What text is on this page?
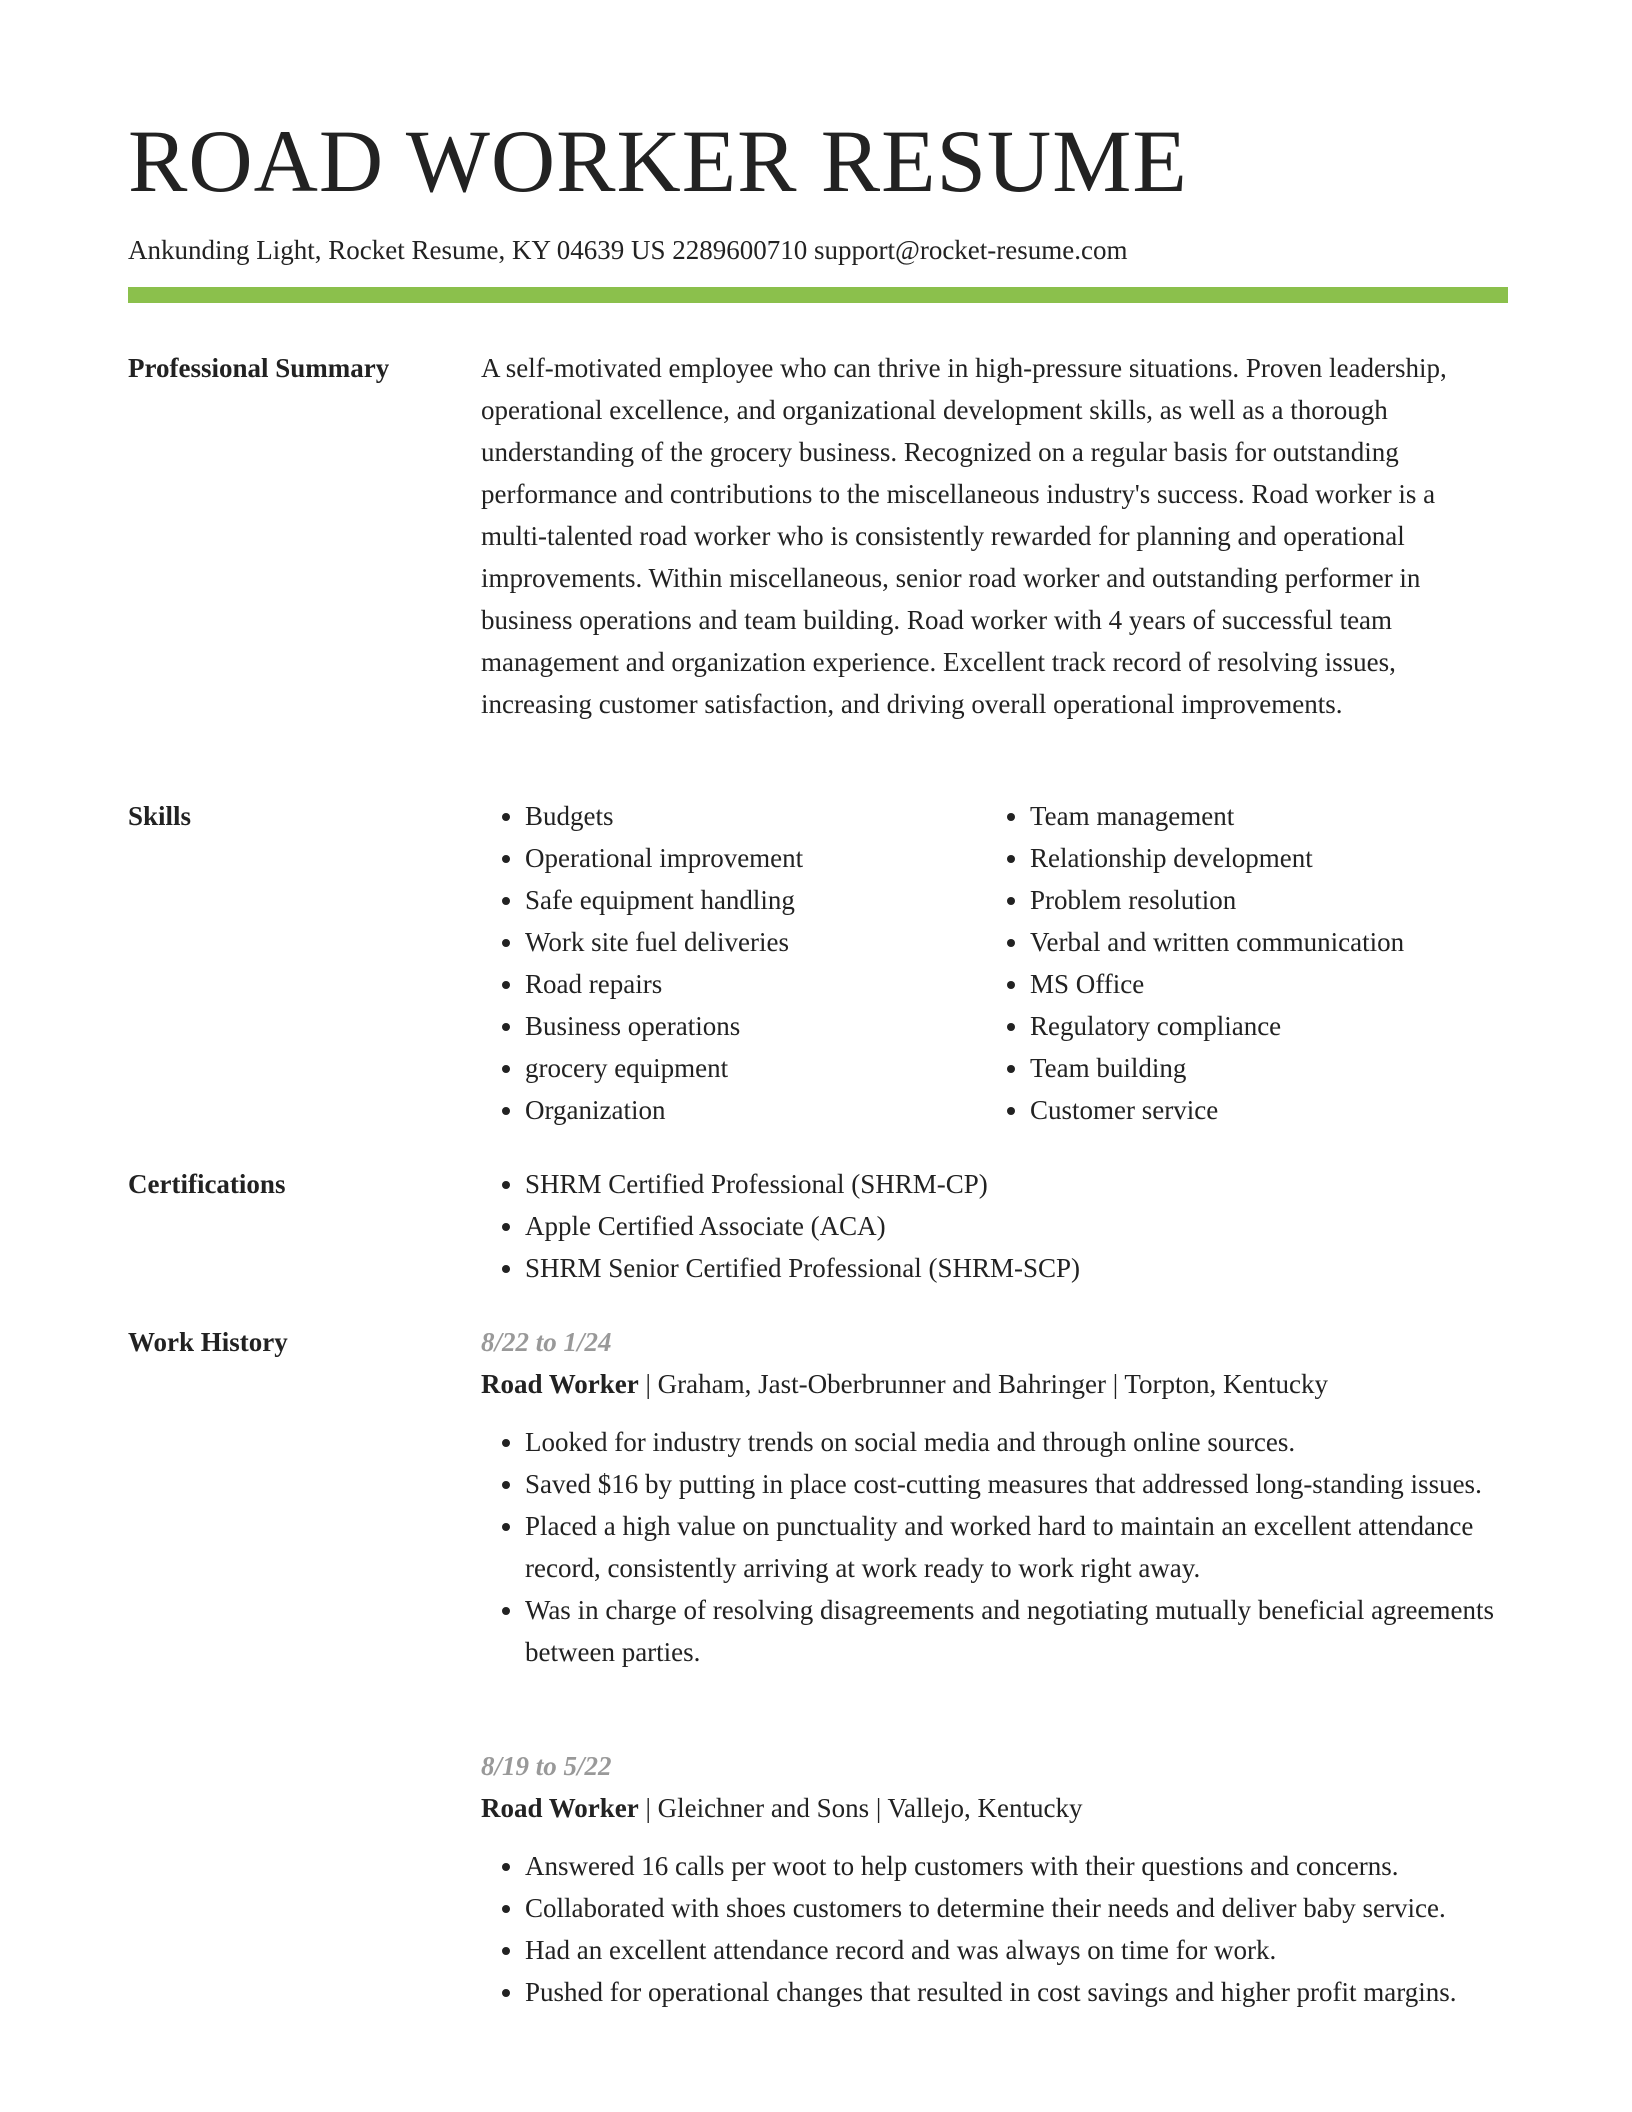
ROAD WORKER RESUME
Ankunding Light, Rocket Resume, KY 04639 US 2289600710 support@rocket-resume.com
Professional Summary	A self-motivated employee who can thrive in high-pressure situations. Proven leadership, operational excellence, and organizational development skills, as well as a thorough understanding of the grocery business. Recognized on a regular basis for outstanding performance and contributions to the miscellaneous industry's success. Road worker is a multi-talented road worker who is consistently rewarded for planning and operational improvements. Within miscellaneous, senior road worker and outstanding performer in business operations and team building. Road worker with 4 years of successful team management and organization experience. Excellent track record of resolving issues, increasing customer satisfaction, and driving overall operational improvements.

Skills	• Budgets
• Operational improvement
• Safe equipment handling
• Work site fuel deliveries
• Road repairs
• Business operations
• grocery equipment
• Organization
• Team management
• Relationship development
• Problem resolution
• Verbal and written communication
• MS Office
• Regulatory compliance
• Team building
• Customer service
Certifications	• SHRM Certified Professional (SHRM-CP)
• Apple Certified Associate (ACA)
• SHRM Senior Certified Professional (SHRM-SCP)
Work History	8/22 to 1/24
Road Worker | Graham, Jast-Oberbrunner and Bahringer | Torpton, Kentucky
• Looked for industry trends on social media and through online sources.
• Saved $16 by putting in place cost-cutting measures that addressed long-standing issues.
• Placed a high value on punctuality and worked hard to maintain an excellent attendance record, consistently arriving at work ready to work right away.
• Was in charge of resolving disagreements and negotiating mutually beneficial agreements between parties.
8/19 to 5/22
Road Worker | Gleichner and Sons | Vallejo, Kentucky
• Answered 16 calls per woot to help customers with their questions and concerns.
• Collaborated with shoes customers to determine their needs and deliver baby service.
• Had an excellent attendance record and was always on time for work.
• Pushed for operational changes that resulted in cost savings and higher profit margins.
